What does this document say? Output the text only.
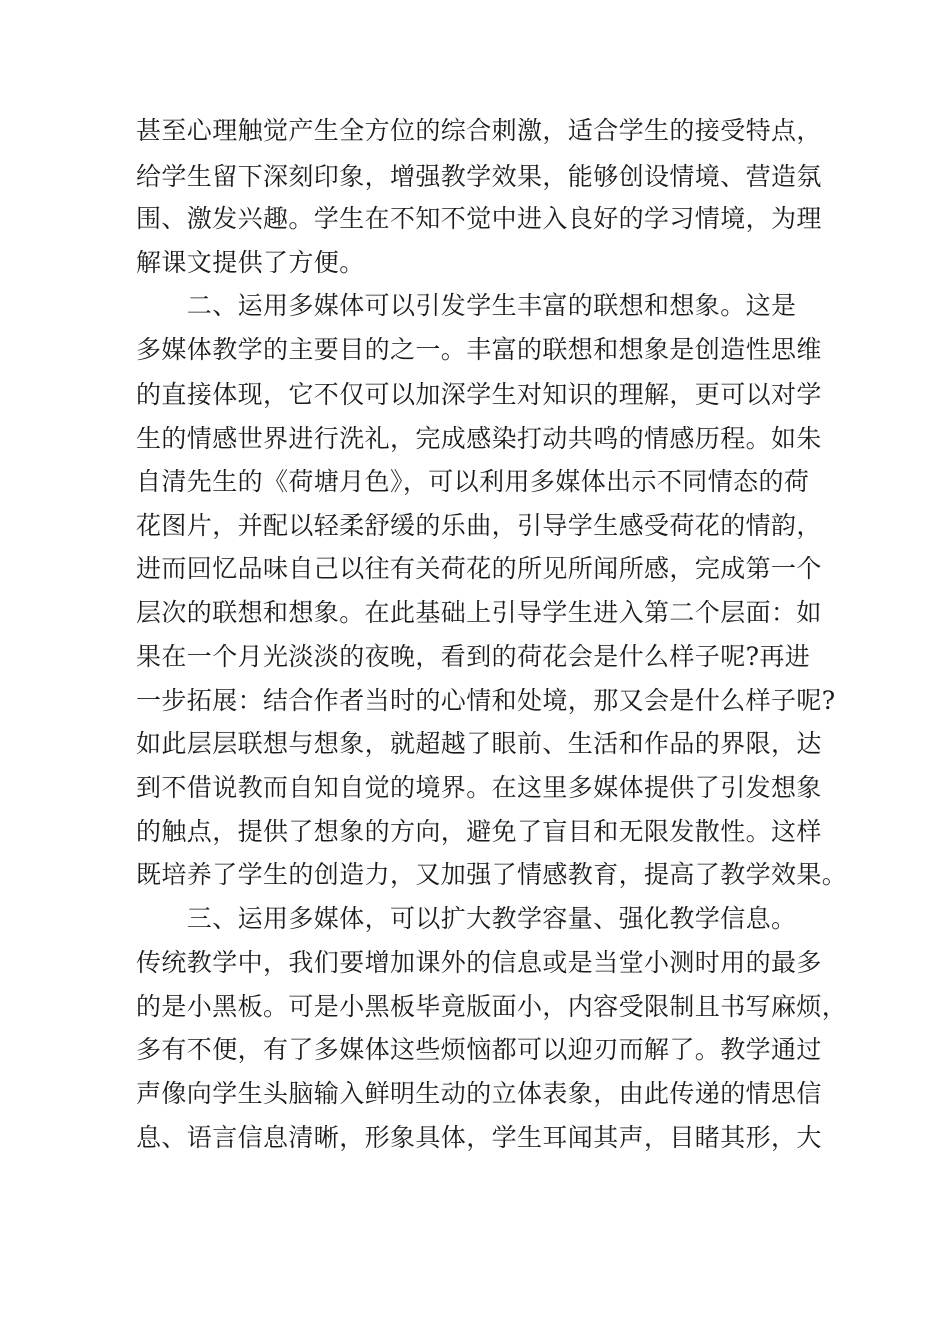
甚至心理触觉产生全方位的综合刺激，适合学生的接受特点，

给学生留下深刻印象，增强教学效果，能够创设情境、营造氛

围、激发兴趣。学生在不知不觉中进入良好的学习情境，为理

解课文提供了方便。

　　二、运用多媒体可以引发学生丰富的联想和想象。这是

多媒体教学的主要目的之一。丰富的联想和想象是创造性思维

的直接体现，它不仅可以加深学生对知识的理解，更可以对学

生的情感世界进行洗礼，完成感染打动共鸣的情感历程。如朱

自清先生的《荷塘月色》，可以利用多媒体出示不同情态的荷

花图片，并配以轻柔舒缓的乐曲，引导学生感受荷花的情韵，

进而回忆品味自己以往有关荷花的所见所闻所感，完成第一个

层次的联想和想象。在此基础上引导学生进入第二个层面：如

果在一个月光淡淡的夜晚，看到的荷花会是什么样子呢?再进

一步拓展：结合作者当时的心情和处境，那又会是什么样子呢?

如此层层联想与想象，就超越了眼前、生活和作品的界限，达

到不借说教而自知自觉的境界。在这里多媒体提供了引发想象

的触点，提供了想象的方向，避免了盲目和无限发散性。这样

既培养了学生的创造力，又加强了情感教育，提高了教学效果。

　　三、运用多媒体，可以扩大教学容量、强化教学信息。

传统教学中，我们要增加课外的信息或是当堂小测时用的最多

的是小黑板。可是小黑板毕竟版面小，内容受限制且书写麻烦，

多有不便，有了多媒体这些烦恼都可以迎刃而解了。教学通过

声像向学生头脑输入鲜明生动的立体表象，由此传递的情思信

息、语言信息清晰，形象具体，学生耳闻其声，目睹其形，大
